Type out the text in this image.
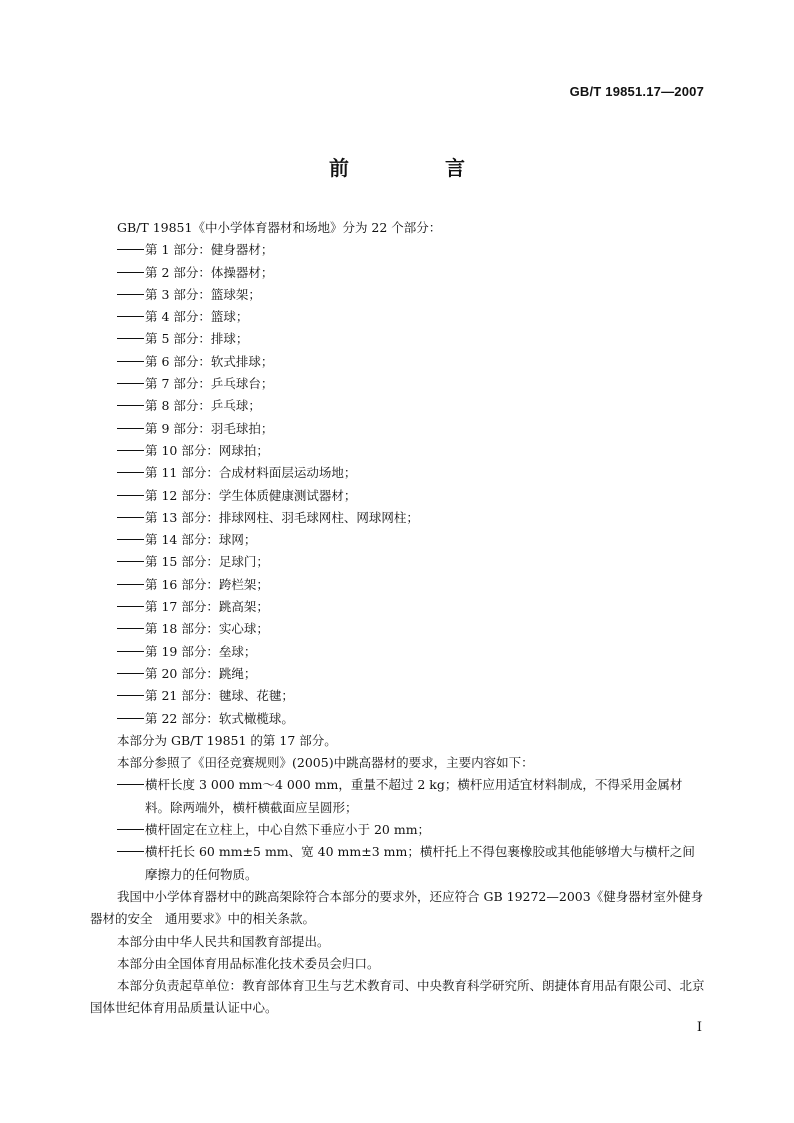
GB/T 19851.17—2007
前　言

GB/T 19851《中小学体育器材和场地》分为 22 个部分：

第 1 部分：健身器材；

第 2 部分：体操器材；

第 3 部分：篮球架；

第 4 部分：篮球；

第 5 部分：排球；

第 6 部分：软式排球；

第 7 部分：乒乓球台；

第 8 部分：乒乓球；

第 9 部分：羽毛球拍；

第 10 部分：网球拍；

第 11 部分：合成材料面层运动场地；

第 12 部分：学生体质健康测试器材；

第 13 部分：排球网柱、羽毛球网柱、网球网柱；

第 14 部分：球网；

第 15 部分：足球门；

第 16 部分：跨栏架；

第 17 部分：跳高架；

第 18 部分：实心球；

第 19 部分：垒球；

第 20 部分：跳绳；

第 21 部分：毽球、花毽；

第 22 部分：软式橄榄球。

本部分为 GB/T 19851 的第 17 部分。

本部分参照了《田径竞赛规则》(2005)中跳高器材的要求，主要内容如下：

横杆长度 3 000 mm～4 000 mm，重量不超过 2 kg；横杆应用适宜材料制成，不得采用金属材料。除两端外，横杆横截面应呈圆形；

横杆固定在立柱上，中心自然下垂应小于 20 mm；

横杆托长 60 mm±5 mm、宽 40 mm±3 mm；横杆托上不得包裹橡胶或其他能够增大与横杆之间摩擦力的任何物质。

我国中小学体育器材中的跳高架除符合本部分的要求外，还应符合 GB 19272—2003《健身器材室外健身器材的安全　通用要求》中的相关条款。

本部分由中华人民共和国教育部提出。

本部分由全国体育用品标准化技术委员会归口。

本部分负责起草单位：教育部体育卫生与艺术教育司、中央教育科学研究所、朗捷体育用品有限公司、北京国体世纪体育用品质量认证中心。

I
